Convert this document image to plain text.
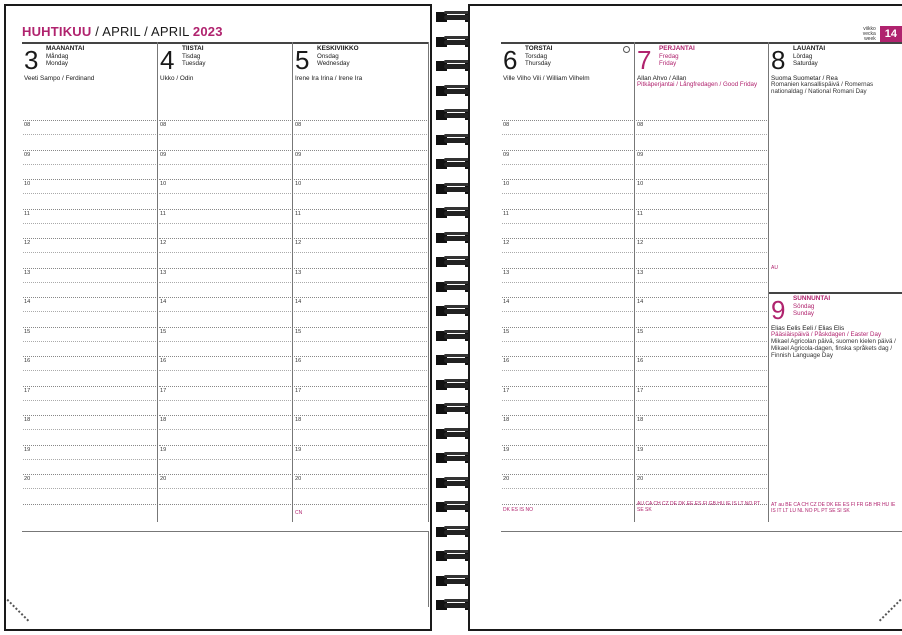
HUHTIKUU / APRIL / APRIL 2023
3 MAANANTAI
Måndag
Monday
Veeti Sampo / Ferdinand
08
09
10
11
12
13
14
15
16
17
18
19
20
4 TIISTAI
Tisdag
Tuesday
Ukko / Odin
08
09
10
11
12
13
14
15
16
17
18
19
20
5 KESKIVIIKKO
Onsdag
Wednesday
Irene Ira Irina / Irene Ira
08
09
10
11
12
13
14
15
16
17
18
19
20
CN
viikko
vecka
week 14
6 TORSTAI
Torsdag
Thursday
Ville Vilho Vili / William Vilhelm
08
09
10
11
12
13
14
15
16
17
18
19
20
DK ES IS NO
7 PERJANTAI
Fredag
Friday
Allan Ahvo / Allan
Pitkäperjantai / Långfredagen / Good Friday
08
09
10
11
12
13
14
15
16
17
18
19
20
AU CA CH CZ DE DK EE ES FI GB HU IE IS LT NO PT SE SK
8 LAUANTAI
Lördag
Saturday
Suoma Suometar / Rea
Romanien kansallispäivä / Romernas nationaldag / National Romani Day
AU
9 SUNNUNTAI
Söndag
Sunday
Elias Eelis Eeli / Elias Elis
Pääsiäispäivä / Påskdagen / Easter Day
Mikael Agricolan päivä, suomen kielen päivä / Mikael Agricola-dagen, finska språkets dag / Finnish Language Day
AT au BE CA CH CZ DE DK EE ES FI FR GB HR HU IE IS IT LT LU NL NO PL PT SE SI SK
